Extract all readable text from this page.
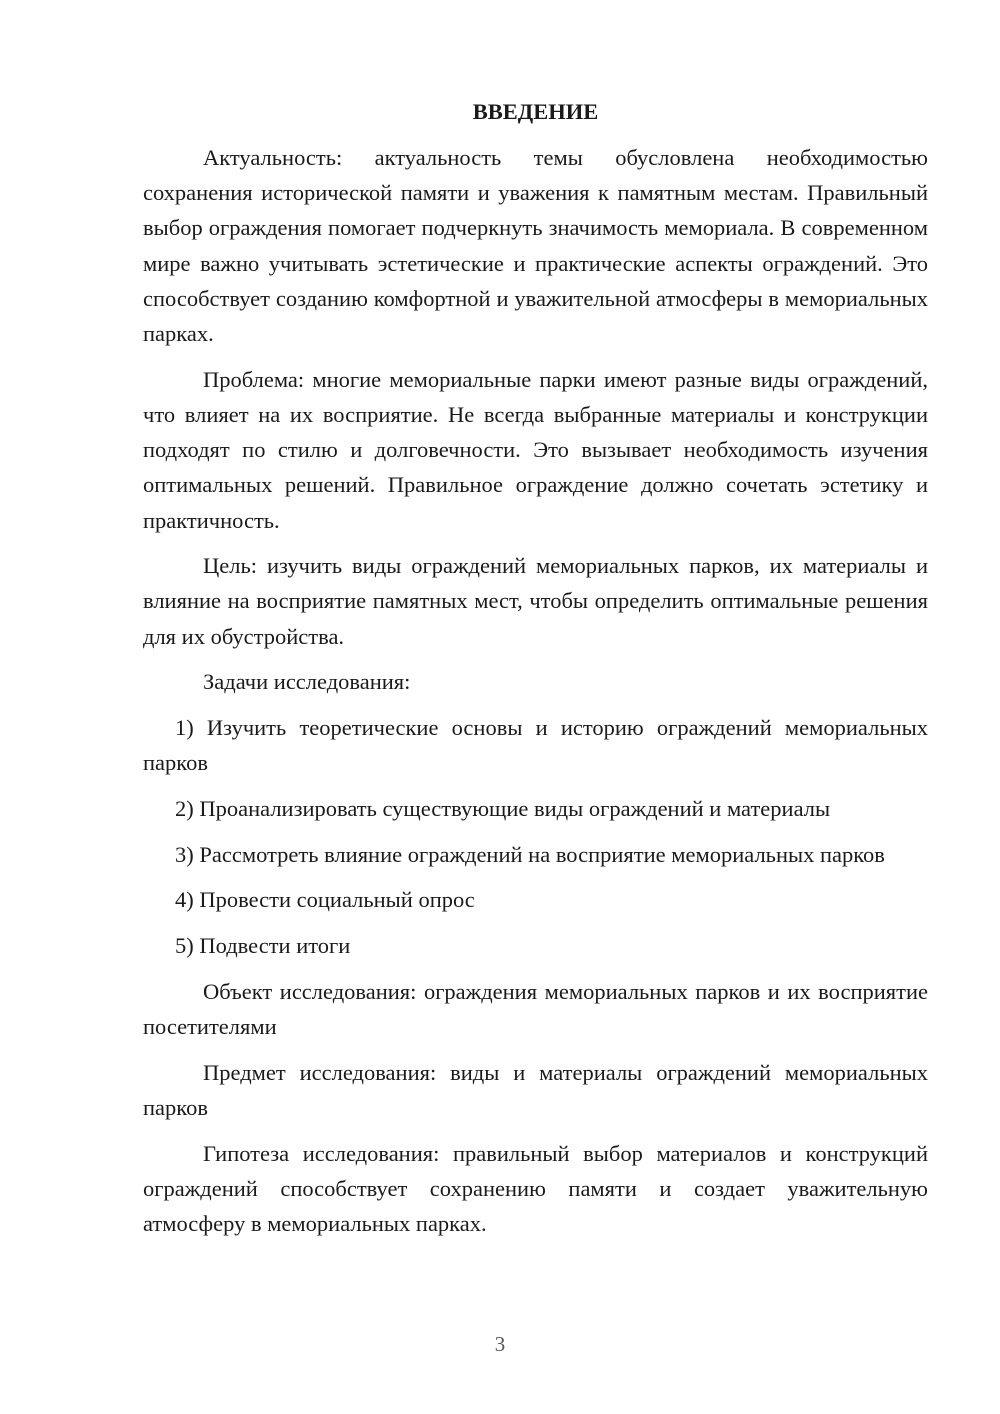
ВВЕДЕНИЕ

Актуальность: актуальность темы обусловлена необходимостью сохранения исторической памяти и уважения к памятным местам. Правильный выбор ограждения помогает подчеркнуть значимость мемориала. В современном мире важно учитывать эстетические и практические аспекты ограждений. Это способствует созданию комфортной и уважительной атмосферы в мемориальных парках.

Проблема: многие мемориальные парки имеют разные виды ограждений, что влияет на их восприятие. Не всегда выбранные материалы и конструкции подходят по стилю и долговечности. Это вызывает необходимость изучения оптимальных решений. Правильное ограждение должно сочетать эстетику и практичность.

Цель: изучить виды ограждений мемориальных парков, их материалы и влияние на восприятие памятных мест, чтобы определить оптимальные решения для их обустройства.

Задачи исследования:

1) Изучить теоретические основы и историю ограждений мемориальных парков

2) Проанализировать существующие виды ограждений и материалы

3) Рассмотреть влияние ограждений на восприятие мемориальных парков

4) Провести социальный опрос

5) Подвести итоги

Объект исследования: ограждения мемориальных парков и их восприятие посетителями

Предмет исследования: виды и материалы ограждений мемориальных парков

Гипотеза исследования: правильный выбор материалов и конструкций ограждений способствует сохранению памяти и создает уважительную атмосферу в мемориальных парках.

3
